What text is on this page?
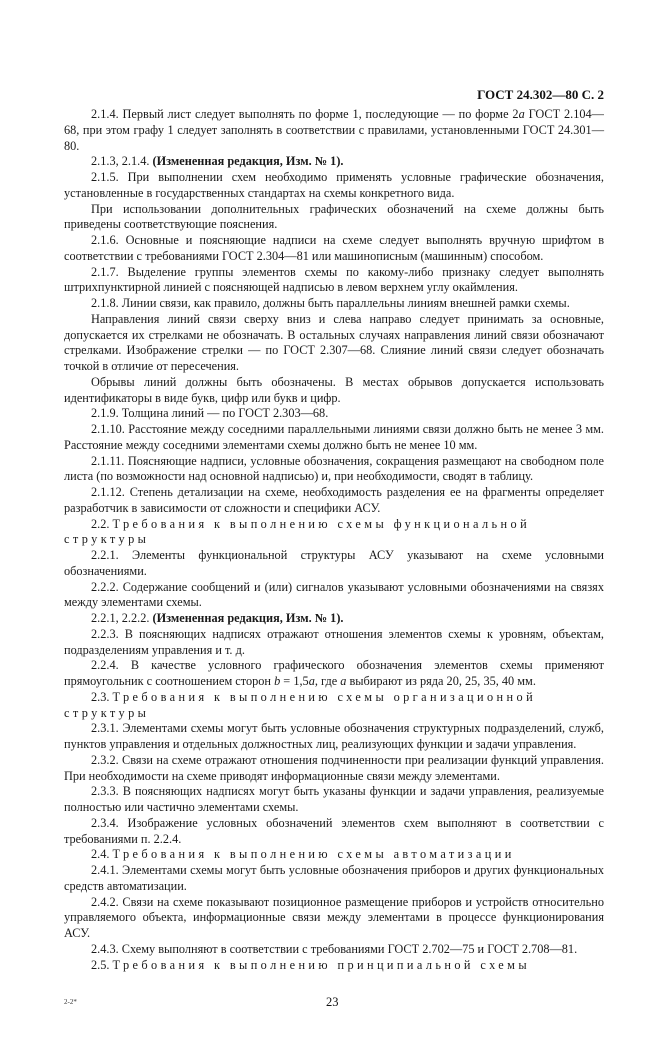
ГОСТ 24.302—80 С. 2

2.1.4. Первый лист следует выполнять по форме 1, последующие — по форме 2а ГОСТ 2.104—68, при этом графу 1 следует заполнять в соответствии с правилами, установленными ГОСТ 24.301—80.

2.1.3, 2.1.4. (Измененная редакция, Изм. № 1).

2.1.5. При выполнении схем необходимо применять условные графические обозначения, установленные в государственных стандартах на схемы конкретного вида.

При использовании дополнительных графических обозначений на схеме должны быть приведены соответствующие пояснения.

2.1.6. Основные и поясняющие надписи на схеме следует выполнять вручную шрифтом в соответствии с требованиями ГОСТ 2.304—81 или машинописным (машинным) способом.

2.1.7. Выделение группы элементов схемы по какому-либо признаку следует выполнять штрихпунктирной линией с поясняющей надписью в левом верхнем углу окаймления.

2.1.8. Линии связи, как правило, должны быть параллельны линиям внешней рамки схемы.

Направления линий связи сверху вниз и слева направо следует принимать за основные, допускается их стрелками не обозначать. В остальных случаях направления линий связи обозначают стрелками. Изображение стрелки — по ГОСТ 2.307—68. Слияние линий связи следует обозначать точкой в отличие от пересечения.

Обрывы линий должны быть обозначены. В местах обрывов допускается использовать идентификаторы в виде букв, цифр или букв и цифр.

2.1.9. Толщина линий — по ГОСТ 2.303—68.

2.1.10. Расстояние между соседними параллельными линиями связи должно быть не менее 3 мм. Расстояние между соседними элементами схемы должно быть не менее 10 мм.

2.1.11. Поясняющие надписи, условные обозначения, сокращения размещают на свободном поле листа (по возможности над основной надписью) и, при необходимости, сводят в таблицу.

2.1.12. Степень детализации на схеме, необходимость разделения ее на фрагменты определяет разработчик в зависимости от сложности и специфики АСУ.

2.2. Требования к выполнению схемы функциональной структуры

2.2.1. Элементы функциональной структуры АСУ указывают на схеме условными обозначениями.

2.2.2. Содержание сообщений и (или) сигналов указывают условными обозначениями на связях между элементами схемы.

2.2.1, 2.2.2. (Измененная редакция, Изм. № 1).

2.2.3. В поясняющих надписях отражают отношения элементов схемы к уровням, объектам, подразделениям управления и т. д.

2.2.4. В качестве условного графического обозначения элементов схемы применяют прямоугольник с соотношением сторон b = 1,5a, где a выбирают из ряда 20, 25, 35, 40 мм.

2.3. Требования к выполнению схемы организационной структуры

2.3.1. Элементами схемы могут быть условные обозначения структурных подразделений, служб, пунктов управления и отдельных должностных лиц, реализующих функции и задачи управления.

2.3.2. Связи на схеме отражают отношения подчиненности при реализации функций управления. При необходимости на схеме приводят информационные связи между элементами.

2.3.3. В поясняющих надписях могут быть указаны функции и задачи управления, реализуемые полностью или частично элементами схемы.

2.3.4. Изображение условных обозначений элементов схем выполняют в соответствии с требованиями п. 2.2.4.

2.4. Требования к выполнению схемы автоматизации

2.4.1. Элементами схемы могут быть условные обозначения приборов и других функциональных средств автоматизации.

2.4.2. Связи на схеме показывают позиционное размещение приборов и устройств относительно управляемого объекта, информационные связи между элементами в процессе функционирования АСУ.

2.4.3. Схему выполняют в соответствии с требованиями ГОСТ 2.702—75 и ГОСТ 2.708—81.

2.5. Требования к выполнению принципиальной схемы

2-2*	23
